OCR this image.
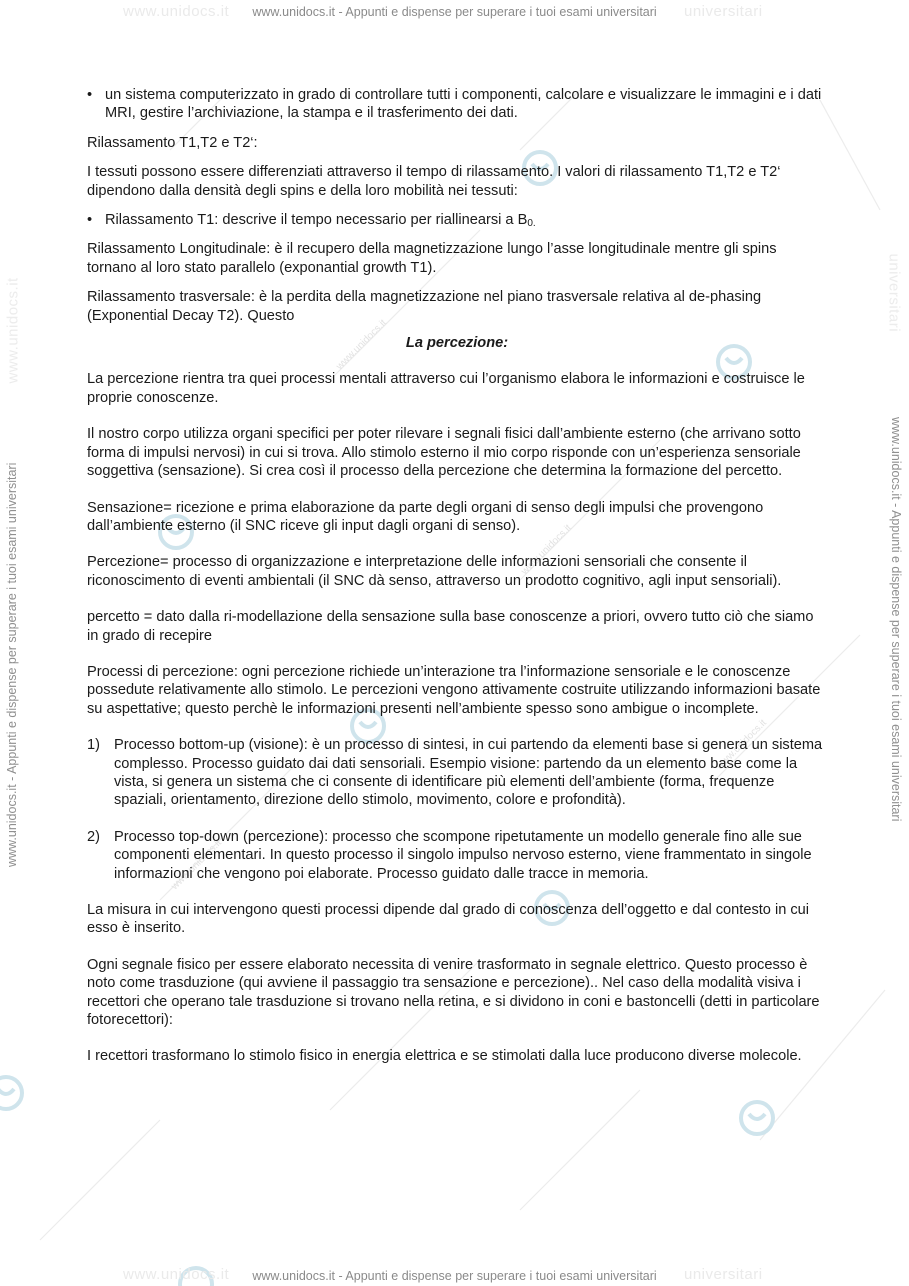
www.unidocs.it
www.unidocs.it
www.unidocs.it
www.unidocs.it
www.unidocs.it	universitari
www.unidocs.it	universitari
www.unidocs.it - Appunti e dispense per superare i tuoi esami universitari
www.unidocs.it - Appunti e dispense per superare i tuoi esami universitari
www.unidocs.it - Appunti e dispense per superare i tuoi esami universitari	www.unidocs.it - Appunti e dispense per superare i tuoi esami universitari
www.unidocs.it	universitari

• un sistema computerizzato in grado di controllare tutti i componenti, calcolare e visualizzare le immagini e i dati MRI, gestire l’archiviazione, la stampa e il trasferimento dei dati.

Rilassamento T1,T2 e T2‘:

I tessuti possono essere differenziati attraverso il tempo di rilassamento. I valori di rilassamento T1,T2 e T2‘ dipendono dalla densità degli spins e della loro mobilità nei tessuti:

• Rilassamento T1: descrive il tempo necessario per riallinearsi a $B_{0.}$

Rilassamento Longitudinale: è il recupero della magnetizzazione lungo l’asse longitudinale mentre gli spins tornano al loro stato parallelo (exponantial growth T1).

Rilassamento trasversale: è la perdita della magnetizzazione nel piano trasversale relativa al de-phasing (Exponential Decay T2). Questo

La percezione:

La percezione rientra tra quei processi mentali attraverso cui l’organismo elabora le informazioni e costruisce le proprie conoscenze.

Il nostro corpo utilizza organi specifici per poter rilevare i segnali fisici dall’ambiente esterno (che arrivano sotto forma di impulsi nervosi) in cui si trova. Allo stimolo esterno il mio corpo risponde con un’esperienza sensoriale soggettiva (sensazione). Si crea così il processo della percezione che determina la formazione del percetto.

Sensazione= ricezione e prima elaborazione da parte degli organi di senso degli impulsi che provengono dall’ambiente esterno (il SNC riceve gli input dagli organi di senso).

Percezione= processo di organizzazione e interpretazione delle informazioni sensoriali che consente il riconoscimento di eventi ambientali (il SNC dà senso, attraverso un prodotto cognitivo, agli input sensoriali).

percetto = dato dalla ri-modellazione della sensazione sulla base conoscenze a priori, ovvero tutto ciò che siamo in grado di recepire

Processi di percezione: ogni percezione richiede un’interazione tra l’informazione sensoriale e le conoscenze possedute relativamente allo stimolo. Le percezioni vengono attivamente costruite utilizzando informazioni basate su aspettative; questo perchè le informazioni presenti nell’ambiente spesso sono ambigue o incomplete.

1) Processo bottom-up (visione): è un processo di sintesi, in cui partendo da elementi base si genera un sistema complesso. Processo guidato dai dati sensoriali. Esempio visione: partendo da un elemento base come la vista, si genera un sistema che ci consente di identificare più elementi dell’ambiente (forma, frequenze spaziali, orientamento, direzione dello stimolo, movimento, colore e profondità).

2) Processo top-down (percezione): processo che scompone ripetutamente un modello generale fino alle sue componenti elementari. In questo processo il singolo impulso nervoso esterno, viene frammentato in singole informazioni che vengono poi elaborate. Processo guidato dalle tracce in memoria.

La misura in cui intervengono questi processi dipende dal grado di conoscenza dell’oggetto e dal contesto in cui esso è inserito.

Ogni segnale fisico per essere elaborato necessita di venire trasformato in segnale elettrico. Questo processo è noto come trasduzione (qui avviene il passaggio tra sensazione e percezione).. Nel caso della modalità visiva i recettori che operano tale trasduzione si trovano nella retina, e si dividono in coni e bastoncelli (detti in particolare fotorecettori):

I recettori trasformano lo stimolo fisico in energia elettrica e se stimolati dalla luce producono diverse molecole.
